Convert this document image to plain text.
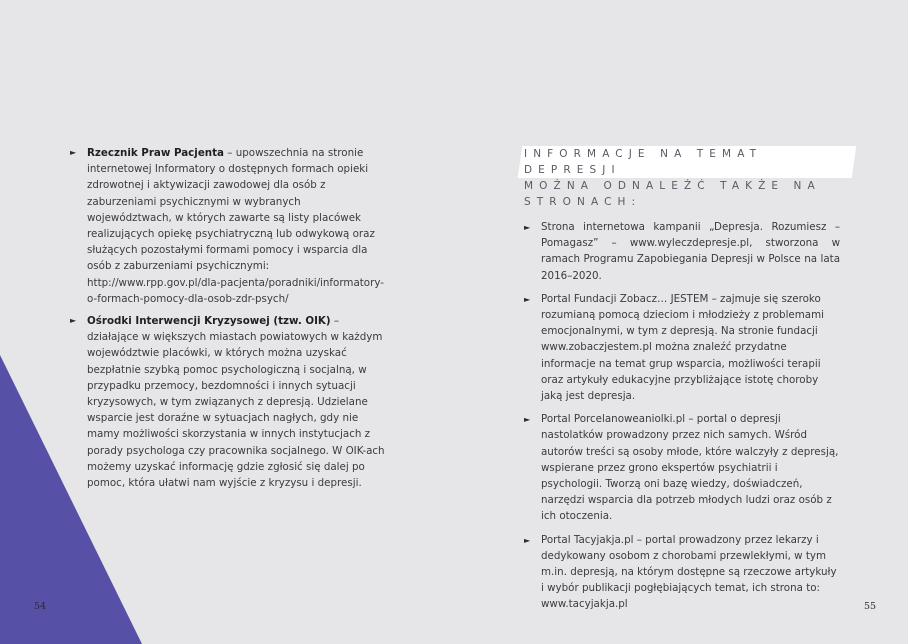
► Rzecznik Praw Pacjenta – upowszechnia na stronie internetowej Informatory o dostępnych formach opieki zdrowotnej i aktywizacji zawodowej dla osób z zaburzeniami psychicznymi w wybranych województwach, w których zawarte są listy placówek realizujących opiekę psychiatryczną lub odwykową oraz służących pozostałymi formami pomocy i wsparcia dla osób z zaburzeniami psychicznymi: http://www.rpp.gov.pl/dla-pacjenta/poradniki/informatory-o-formach-pomocy-dla-osob-zdr-psych/
► Ośrodki Interwencji Kryzysowej (tzw. OIK) – działające w większych miastach powiatowych w każdym województwie placówki, w których można uzyskać bezpłatnie szybką pomoc psychologiczną i socjalną, w przypadku przemocy, bezdomności i innych sytuacji kryzysowych, w tym związanych z depresją. Udzielane wsparcie jest doraźne w sytuacjach nagłych, gdy nie mamy możliwości skorzystania w innych instytucjach z porady psychologa czy pracownika socjalnego. W OIK-ach możemy uzyskać informację gdzie zgłosić się dalej po pomoc, która ułatwi nam wyjście z kryzysu i depresji.
54
INFORMACJE NA TEMAT DEPRESJI
MOŻNA ODNALEŹĆ TAKŻE NA
STRONACH:
► Strona internetowa kampanii „Depresja. Rozumiesz – Pomagasz” – www.wyleczdepresje.pl, stworzona w ramach Programu Zapobiegania Depresji w Polsce na lata 2016–2020.
► Portal Fundacji Zobacz… JESTEM – zajmuje się szeroko rozumianą pomocą dzieciom i młodzieży z problemami emocjonalnymi, w tym z depresją. Na stronie fundacji www.zobaczjestem.pl można znaleźć przydatne informacje na temat grup wsparcia, możliwości terapii oraz artykuły edukacyjne przybliżające istotę choroby jaką jest depresja.
► Portal Porcelanoweaniolki.pl – portal o depresji nastolatków prowadzony przez nich samych. Wśród autorów treści są osoby młode, które walczyły z depresją, wspierane przez grono ekspertów psychiatrii i psychologii. Tworzą oni bazę wiedzy, doświadczeń, narzędzi wsparcia dla potrzeb młodych ludzi oraz osób z ich otoczenia.
► Portal Tacyjakja.pl – portal prowadzony przez lekarzy i dedykowany osobom z chorobami przewlekłymi, w tym m.in. depresją, na którym dostępne są rzeczowe artykuły i wybór publikacji pogłębiających temat, ich strona to: www.tacyjakja.pl	55
